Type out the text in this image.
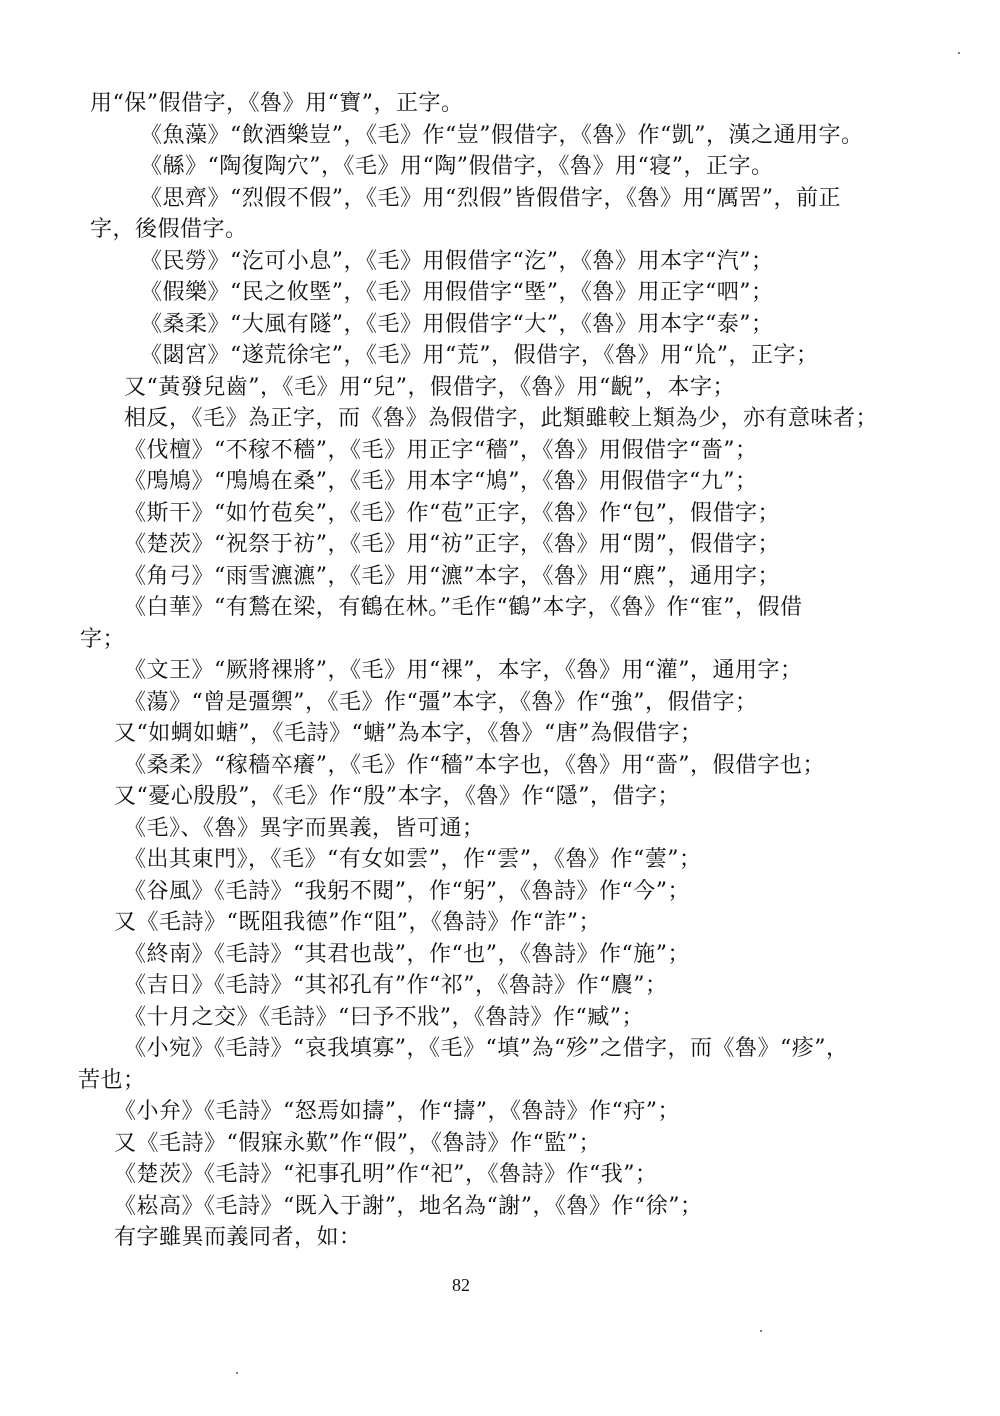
用“保”假借字，《魯》用“寶”，正字。
《魚藻》“飲酒樂豈”，《毛》作“豈”假借字，《魯》作“凱”，漢之通用字。
《緜》“陶復陶穴”，《毛》用“陶”假借字，《魯》用“寝”，正字。
《思齊》“烈假不假”，《毛》用“烈假”皆假借字，《魯》用“厲罟”，前正
字，後假借字。
《民勞》“汔可小息”，《毛》用假借字“汔”，《魯》用本字“汽”；
《假樂》“民之攸塈”，《毛》用假借字“塈”，《魯》用正字“呬”；
《桑柔》“大風有隧”，《毛》用假借字“大”，《魯》用本字“泰”；
《閟宮》“遂荒徐宅”，《毛》用“荒”，假借字，《魯》用“㠩”，正字；
又“黃發兒齒”，《毛》用“兒”，假借字，《魯》用“齯”，本字；
相反，《毛》為正字，而《魯》為假借字，此類雖較上類為少，亦有意味者；
《伐檀》“不稼不穡”，《毛》用正字“穡”，《魯》用假借字“嗇”；
《鳲鳩》“鳲鳩在桑”，《毛》用本字“鳩”，《魯》用假借字“九”；
《斯干》“如竹苞矣”，《毛》作“苞”正字，《魯》作“包”，假借字；
《楚茨》“祝祭于祊”，《毛》用“祊”正字，《魯》用“閍”，假借字；
《角弓》“雨雪瀌瀌”，《毛》用“瀌”本字，《魯》用“麃”，通用字；
《白華》“有鶖在梁，有鶴在林。”毛作“鶴”本字，《魯》作“寉”，假借
字；
《文王》“厥將裸將”，《毛》用“裸”，本字，《魯》用“灌”，通用字；
《蕩》“曾是彊禦”，《毛》作“彊”本字，《魯》作“強”，假借字；
又“如蜩如螗”，《毛詩》“螗”為本字，《魯》“唐”為假借字；
《桑柔》“稼穡卒癢”，《毛》作“穡”本字也，《魯》用“嗇”，假借字也；
又“憂心殷殷”，《毛》作“殷”本字，《魯》作“隱”，借字；
《毛》、《魯》異字而異義，皆可通；
《出其東門》，《毛》“有女如雲”，作“雲”，《魯》作“蕓”；
《谷風》《毛詩》“我躬不閱”，作“躬”，《魯詩》作“今”；
又《毛詩》“既阻我德”作“阻”，《魯詩》作“詐”；
《終南》《毛詩》“其君也哉”，作“也”，《魯詩》作“施”；
《吉日》《毛詩》“其祁孔有”作“祁”，《魯詩》作“麎”；
《十月之交》《毛詩》“曰予不戕”，《魯詩》作“臧”；
《小宛》《毛詩》“哀我填寡”，《毛》“填”為“殄”之借字，而《魯》“疹”，
苦也；
《小弁》《毛詩》“怒焉如擣”，作“擣”，《魯詩》作“疛”；
又《毛詩》“假寐永歎”作“假”，《魯詩》作“監”；
《楚茨》《毛詩》“祀事孔明”作“祀”，《魯詩》作“我”；
《崧高》《毛詩》“既入于謝”，地名為“謝”，《魯》作“徐”；
有字雖異而義同者，如：
82
